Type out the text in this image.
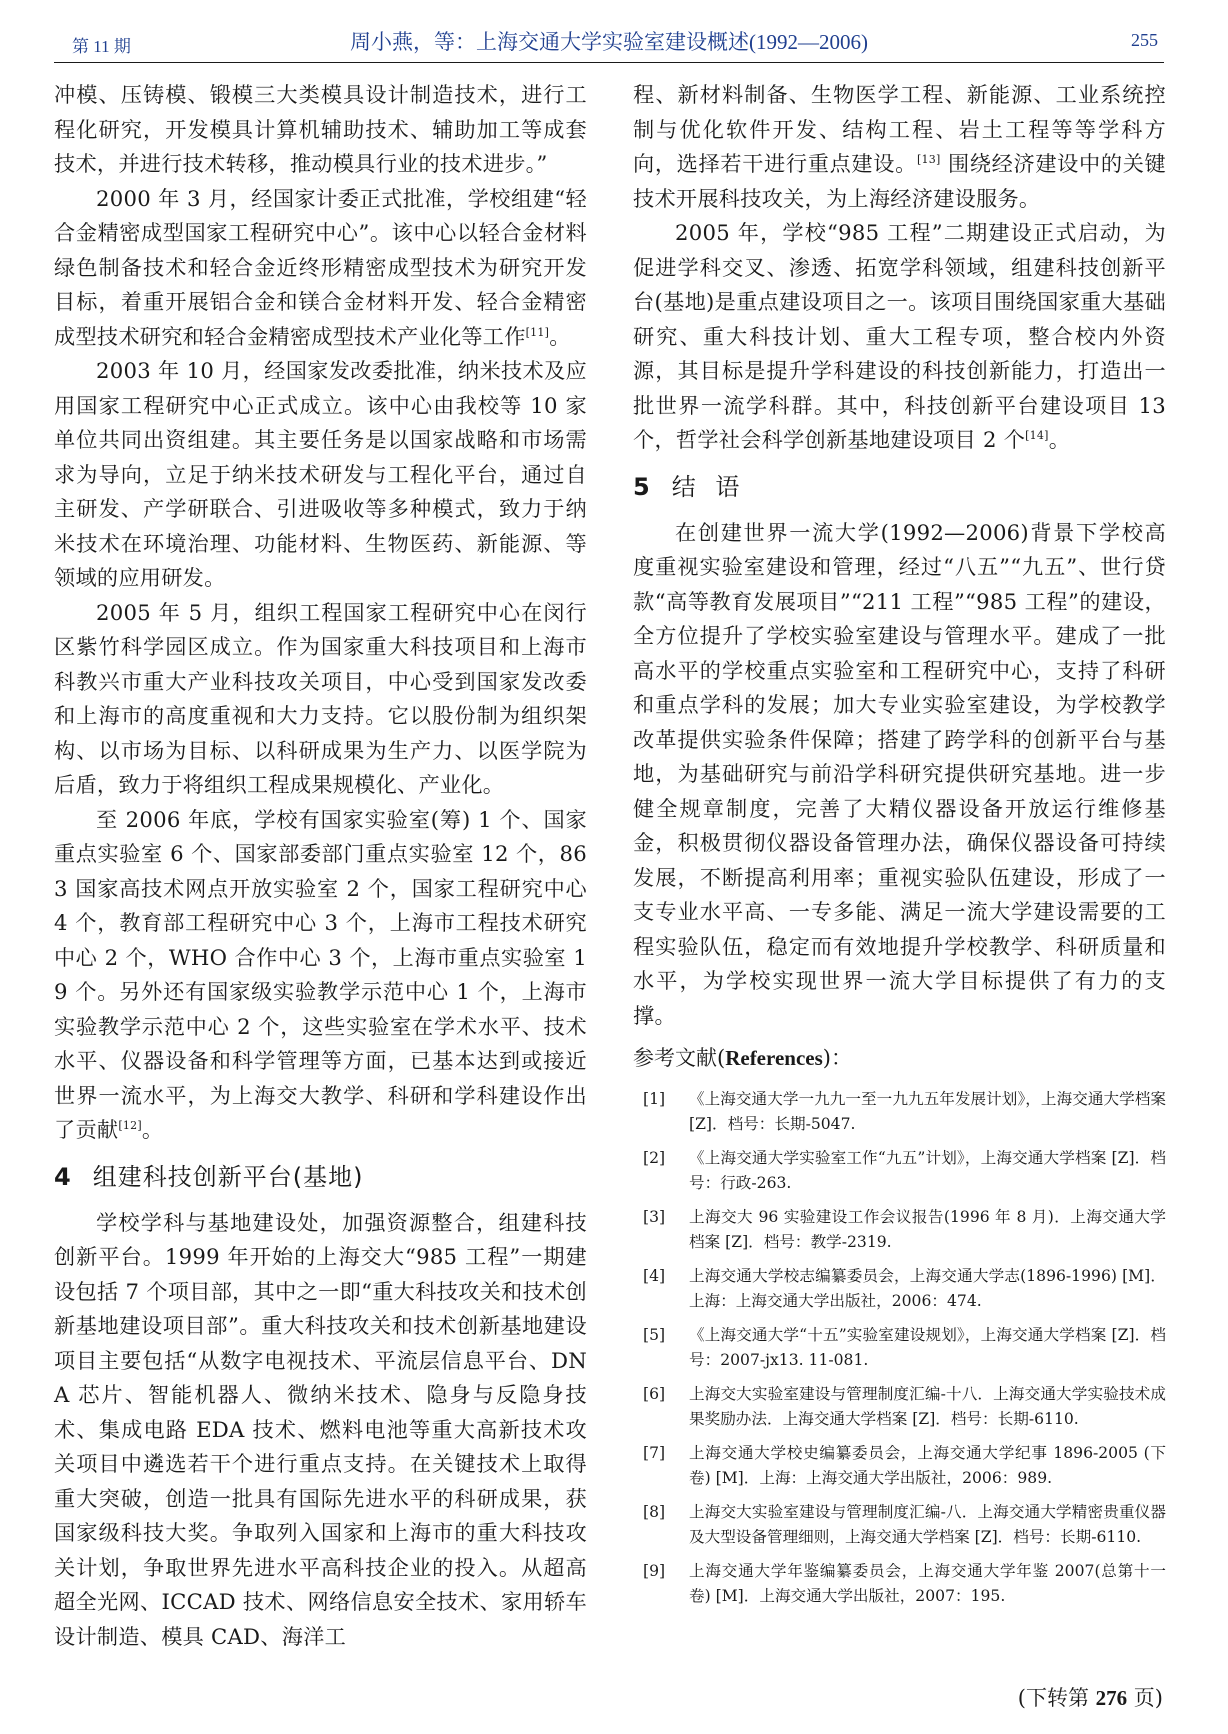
第 11 期	周小燕，等：上海交通大学实验室建设概述(1992—2006)	255

冲模、压铸模、锻模三大类模具设计制造技术，进行工程化研究，开发模具计算机辅助技术、辅助加工等成套技术，并进行技术转移，推动模具行业的技术进步。”

2000 年 3 月，经国家计委正式批准，学校组建“轻合金精密成型国家工程研究中心”。该中心以轻合金材料绿色制备技术和轻合金近终形精密成型技术为研究开发目标，着重开展铝合金和镁合金材料开发、轻合金精密成型技术研究和轻合金精密成型技术产业化等工作[11]。

2003 年 10 月，经国家发改委批准，纳米技术及应用国家工程研究中心正式成立。该中心由我校等 10 家单位共同出资组建。其主要任务是以国家战略和市场需求为导向，立足于纳米技术研发与工程化平台，通过自主研发、产学研联合、引进吸收等多种模式，致力于纳米技术在环境治理、功能材料、生物医药、新能源、等领域的应用研发。

2005 年 5 月，组织工程国家工程研究中心在闵行区紫竹科学园区成立。作为国家重大科技项目和上海市科教兴市重大产业科技攻关项目，中心受到国家发改委和上海市的高度重视和大力支持。它以股份制为组织架构、以市场为目标、以科研成果为生产力、以医学院为后盾，致力于将组织工程成果规模化、产业化。

至 2006 年底，学校有国家实验室(筹) 1 个、国家重点实验室 6 个、国家部委部门重点实验室 12 个，863 国家高技术网点开放实验室 2 个，国家工程研究中心 4 个，教育部工程研究中心 3 个，上海市工程技术研究中心 2 个，WHO 合作中心 3 个，上海市重点实验室 19 个。另外还有国家级实验教学示范中心 1 个，上海市实验教学示范中心 2 个，这些实验室在学术水平、技术水平、仪器设备和科学管理等方面，已基本达到或接近世界一流水平，为上海交大教学、科研和学科建设作出了贡献[12]。

4 组建科技创新平台(基地)

学校学科与基地建设处，加强资源整合，组建科技创新平台。1999 年开始的上海交大“985 工程”一期建设包括 7 个项目部，其中之一即“重大科技攻关和技术创新基地建设项目部”。重大科技攻关和技术创新基地建设项目主要包括“从数字电视技术、平流层信息平台、DNA 芯片、智能机器人、微纳米技术、隐身与反隐身技术、集成电路 EDA 技术、燃料电池等重大高新技术攻关项目中遴选若干个进行重点支持。在关键技术上取得重大突破，创造一批具有国际先进水平的科研成果，获国家级科技大奖。争取列入国家和上海市的重大科技攻关计划，争取世界先进水平高科技企业的投入。从超高超全光网、ICCAD 技术、网络信息安全技术、家用轿车设计制造、模具 CAD、海洋工

程、新材料制备、生物医学工程、新能源、工业系统控制与优化软件开发、结构工程、岩土工程等等学科方向，选择若干进行重点建设。[13] 围绕经济建设中的关键技术开展科技攻关，为上海经济建设服务。

2005 年，学校“985 工程”二期建设正式启动，为促进学科交叉、渗透、拓宽学科领域，组建科技创新平台(基地)是重点建设项目之一。该项目围绕国家重大基础研究、重大科技计划、重大工程专项，整合校内外资源，其目标是提升学科建设的科技创新能力，打造出一批世界一流学科群。其中，科技创新平台建设项目 13 个，哲学社会科学创新基地建设项目 2 个[14]。

5 结 语

在创建世界一流大学(1992—2006)背景下学校高度重视实验室建设和管理，经过“八五”“九五”、世行贷款“高等教育发展项目”“211 工程”“985 工程”的建设，全方位提升了学校实验室建设与管理水平。建成了一批高水平的学校重点实验室和工程研究中心，支持了科研和重点学科的发展；加大专业实验室建设，为学校教学改革提供实验条件保障；搭建了跨学科的创新平台与基地，为基础研究与前沿学科研究提供研究基地。进一步健全规章制度，完善了大精仪器设备开放运行维修基金，积极贯彻仪器设备管理办法，确保仪器设备可持续发展，不断提高利用率；重视实验队伍建设，形成了一支专业水平高、一专多能、满足一流大学建设需要的工程实验队伍，稳定而有效地提升学校教学、科研质量和水平，为学校实现世界一流大学目标提供了有力的支撑。

参考文献(References)：
[1] 《上海交通大学一九九一至一九九五年发展计划》，上海交通大学档案 [Z]．档号：长期-5047.
[2] 《上海交通大学实验室工作“九五”计划》，上海交通大学档案 [Z]．档号：行政-263.
[3] 上海交大 96 实验建设工作会议报告(1996 年 8 月)．上海交通大学档案 [Z]．档号：教学-2319.
[4] 上海交通大学校志编纂委员会，上海交通大学志(1896-1996) [M]．上海：上海交通大学出版社，2006：474.
[5] 《上海交通大学“十五”实验室建设规划》，上海交通大学档案 [Z]．档号：2007-jx13. 11-081.
[6] 上海交大实验室建设与管理制度汇编-十八．上海交通大学实验技术成果奖励办法．上海交通大学档案 [Z]．档号：长期-6110.
[7] 上海交通大学校史编纂委员会，上海交通大学纪事 1896-2005 (下卷) [M]．上海：上海交通大学出版社，2006：989.
[8] 上海交大实验室建设与管理制度汇编-八．上海交通大学精密贵重仪器及大型设备管理细则，上海交通大学档案 [Z]．档号：长期-6110.
[9] 上海交通大学年鉴编纂委员会，上海交通大学年鉴 2007(总第十一卷) [M]．上海交通大学出版社，2007：195.
(下转第 276 页)
